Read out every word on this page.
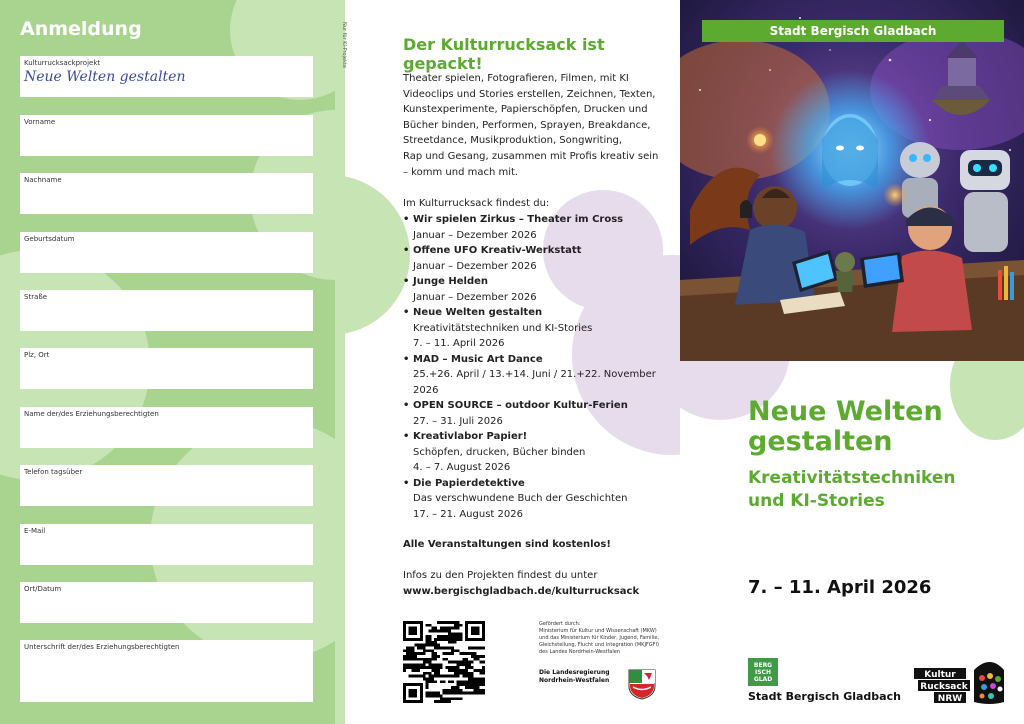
Anmeldung
Kulturrucksackprojekt
Neue Welten gestalten
Vorname
Nachname
Geburtsdatum
Straße
Plz, Ort
Name der/des Erziehungsberechtigten
Telefon tagsüber
E-Mail
Ort/Datum
Unterschrift der/des Erziehungsberechtigten
Nur für KI-Projekte	Der Kulturrucksack ist gepackt!

Theater spielen, Fotografieren, Filmen, mit KI

Videoclips und Stories erstellen, Zeichnen, Texten,

Kunstexperimente, Papierschöpfen, Drucken und

Bücher binden, Performen, Sprayen, Breakdance,

Streetdance, Musikproduktion, Songwriting,

Rap und Gesang, zusammen mit Profis kreativ sein

– komm und mach mit.

Im Kulturrucksack findest du:

• Wir spielen Zirkus – Theater im Cross
Januar – Dezember 2026
• Offene UFO Kreativ-Werkstatt
Januar – Dezember 2026
• Junge Helden
Januar – Dezember 2026
• Neue Welten gestalten
Kreativitätstechniken und KI-Stories
7. – 11. April 2026
• MAD – Music Art Dance
25.+26. April / 13.+14. Juni / 21.+22. November 2026
• OPEN SOURCE – outdoor Kultur-Ferien
27. – 31. Juli 2026
• Kreativlabor Papier!
Schöpfen, drucken, Bücher binden
4. – 7. August 2026
• Die Papierdetektive
Das verschwundene Buch der Geschichten
17. – 21. August 2026

Alle Veranstaltungen sind kostenlos!

Infos zu den Projekten findest du unter

www.bergischgladbach.de/kulturrucksack

Gefördert durch:
Ministerium für Kultur und Wissenschaft (MKW)
und das Ministerium für Kinder, Jugend, Familie,
Gleichstellung, Flucht und Integration (MKJFGFI)
des Landes Nordrhein-Westfalen
Die Landesregierung
Nordrhein-Westfalen
Stadt Bergisch Gladbach
Neue Welten
gestalten
Kreativitätstechniken
und KI-Stories

7. – 11. April 2026

BERG
ISCH
GLAD
Stadt Bergisch Gladbach
Kultur
Rucksack
NRW
